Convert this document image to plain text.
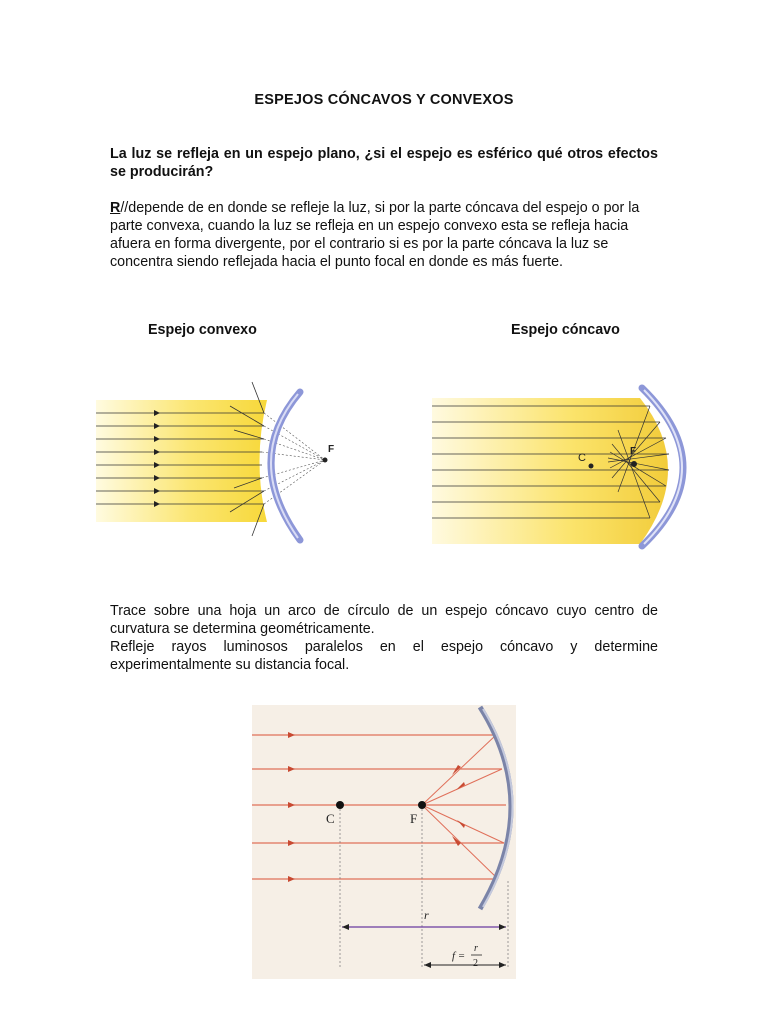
ESPEJOS CÓNCAVOS Y CONVEXOS
La luz se refleja en un espejo plano, ¿si el espejo es esférico qué otros efectos se producirán?
R//depende de en donde se refleje la luz, si por la parte cóncava del espejo o por la parte convexa, cuando la luz se refleja en un espejo convexo esta se refleja hacia afuera en forma divergente, por el contrario si es por la parte cóncava la luz se concentra siendo reflejada hacia el punto focal en donde es más fuerte.
Espejo convexo	Espejo cóncavo
F
C
F

Trace sobre una hoja un arco de círculo de un espejo cóncavo cuyo centro de curvatura se determina geométricamente.

Refleje rayos luminosos paralelos en el espejo cóncavo y determine experimentalmente su distancia focal.

C	F
r
f =
r
2
